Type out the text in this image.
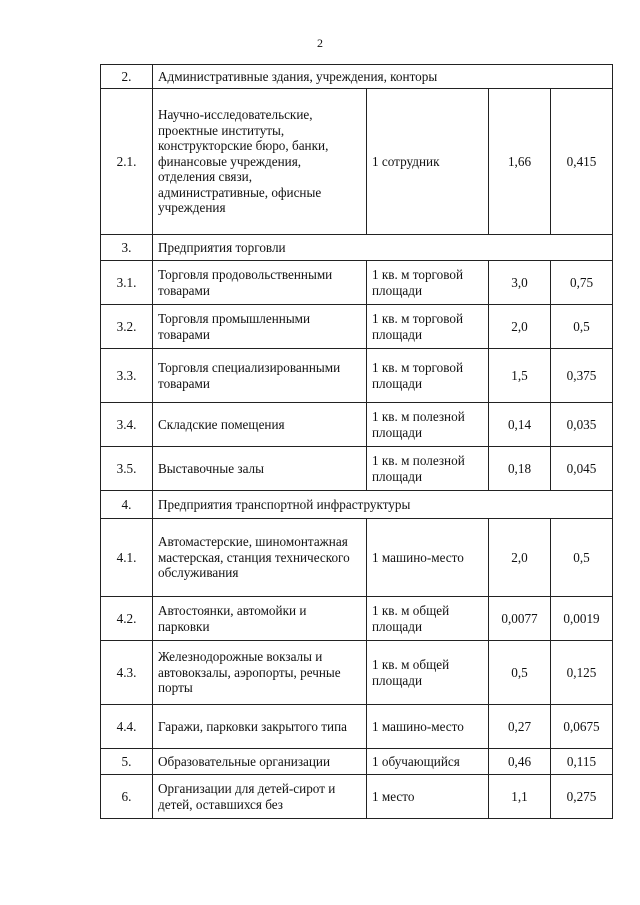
2
2.	Административные здания, учреждения, конторы			
2.1.	Научно-исследовательские, проектные институты, конструкторские бюро, банки, финансовые учреждения, отделения связи, административные, офисные учреждения	1 сотрудник	1,66	0,415
3.	Предприятия торговли			
3.1.	Торговля продовольственными товарами	1 кв. м торговой площади	3,0	0,75
3.2.	Торговля промышленными товарами	1 кв. м торговой площади	2,0	0,5
3.3.	Торговля специализированными товарами	1 кв. м торговой площади	1,5	0,375
3.4.	Складские помещения	1 кв. м полезной площади	0,14	0,035
3.5.	Выставочные залы	1 кв. м полезной площади	0,18	0,045
4.	Предприятия транспортной инфраструктуры			
4.1.	Автомастерские, шиномонтажная мастерская, станция технического обслуживания	1 машино-место	2,0	0,5
4.2.	Автостоянки, автомойки и парковки	1 кв. м общей площади	0,0077	0,0019
4.3.	Железнодорожные вокзалы и автовокзалы, аэропорты, речные порты	1 кв. м общей площади	0,5	0,125
4.4.	Гаражи, парковки закрытого типа	1 машино-место	0,27	0,0675
5.	Образовательные организации	1 обучающийся	0,46	0,115
6.	Организации для детей-сирот и детей, оставшихся без	1 место	1,1	0,275
